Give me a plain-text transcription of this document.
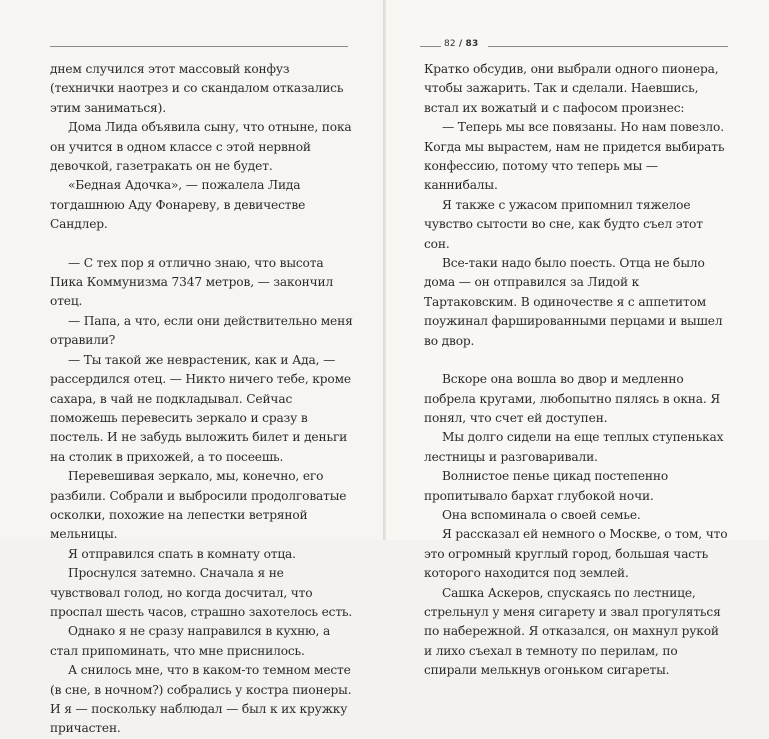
82 / 83

днем случился этот массовый конфуз (технички наотрез и со скандалом отказались этим заниматься).

Дома Лида объявила сыну, что отныне, пока он учится в одном классе с этой нервной девочкой, газетракать он не будет.

«Бедная Адочка», — пожалела Лида тогдашнюю Аду Фонареву, в девичестве Сандлер.

— С тех пор я отлично знаю, что высота Пика Коммунизма 7347 метров, — закончил отец.

— Папа, а что, если они действительно меня отравили?

— Ты такой же неврастеник, как и Ада, — рассердился отец. — Никто ничего тебе, кроме сахара, в чай не подкладывал. Сейчас поможешь перевесить зеркало и сразу в постель. И не забудь выложить билет и деньги на столик в прихожей, а то посеешь.

Перевешивая зеркало, мы, конечно, его разбили. Собрали и выбросили продолговатые осколки, похожие на лепестки ветряной мельницы.

Я отправился спать в комнату отца.

Проснулся затемно. Сначала я не чувствовал голод, но когда досчитал, что проспал шесть часов, страшно захотелось есть.

Однако я не сразу направился в кухню, а стал припоминать, что мне приснилось.

А снилось мне, что в каком-то темном месте (в сне, в ночном?) собрались у костра пионеры. И я — поскольку наблюдал — был к их кружку причастен.

Кратко обсудив, они выбрали одного пионера, чтобы зажарить. Так и сделали. Наевшись, встал их вожатый и с пафосом произнес:

— Теперь мы все повязаны. Но нам повезло. Когда мы вырастем, нам не придется выбирать конфессию, потому что теперь мы — каннибалы.

Я также с ужасом припомнил тяжелое чувство сытости во сне, как будто съел этот сон.

Все-таки надо было поесть. Отца не было дома — он отправился за Лидой к Тартаковским. В одиночестве я с аппетитом поужинал фаршированными перцами и вышел во двор.

Вскоре она вошла во двор и медленно побрела кругами, любопытно пялясь в окна. Я понял, что счет ей доступен.

Мы долго сидели на еще теплых ступеньках лестницы и разговаривали.

Волнистое пенье цикад постепенно пропитывало бархат глубокой ночи.

Она вспоминала о своей семье.

Я рассказал ей немного о Москве, о том, что это огромный круглый город, большая часть которого находится под землей.

Сашка Аскеров, спускаясь по лестнице, стрельнул у меня сигарету и звал прогуляться по набережной. Я отказался, он махнул рукой и лихо съехал в темноту по перилам, по спирали мелькнув огоньком сигареты.
